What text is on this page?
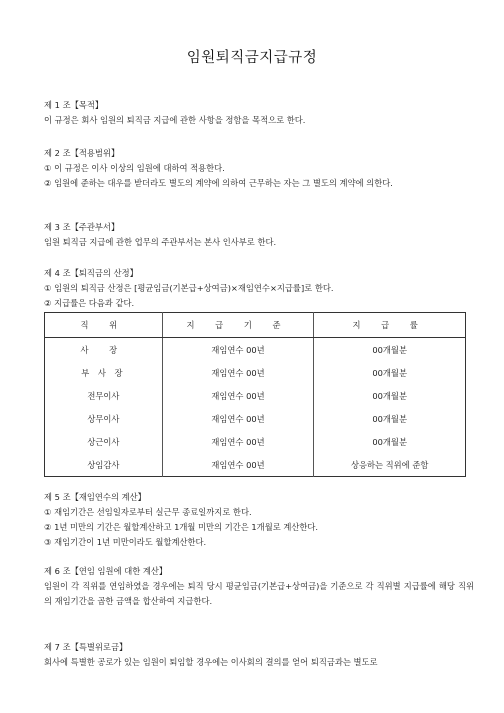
임원퇴직금지급규정
제 1 조【목적】

이 규정은 회사 임원의 퇴직금 지급에 관한 사항을 정함을 목적으로 한다.

제 2 조【적용범위】

① 이 규정은 이사 이상의 임원에 대하여 적용한다.

② 임원에 준하는 대우를 받더라도 별도의 계약에 의하여 근무하는 자는 그 별도의 계약에 의한다.

제 3 조【주관부서】

임원 퇴직금 지급에 관한 업무의 주관부서는 본사 인사부로 한다.

제 4 조【퇴직금의 산정】

① 임원의 퇴직금 산정은 [평균임금(기본급+상여금)×재임연수×지급률]로 한다.

② 지급률은 다음과 같다.

직 위	지 급 기 준	지 급 률
사 장	재임연수 00년	00개월분
부 사 장	재임연수 00년	00개월분
전무이사	재임연수 00년	00개월분
상무이사	재임연수 00년	00개월분
상근이사	재임연수 00년	00개월분
상임감사	재임연수 00년	상응하는 직위에 준함
제 5 조【재임연수의 계산】

① 재임기간은 선임일자로부터 실근무 종료일까지로 한다.

② 1년 미만의 기간은 월할계산하고 1개월 미만의 기간은 1개월로 계산한다.

③ 재임기간이 1년 미만이라도 월할계산한다.

제 6 조【연임 임원에 대한 계산】

임원이 각 직위를 연임하였을 경우에는 퇴직 당시 평균임금(기본급+상여금)을 기준으로 각 직위별 지급률에 해당 직위의 재임기간을 곱한 금액을 합산하여 지급한다.

제 7 조【특별위로금】

회사에 특별한 공로가 있는 임원이 퇴임할 경우에는 이사회의 결의를 얻어 퇴직금과는 별도로
